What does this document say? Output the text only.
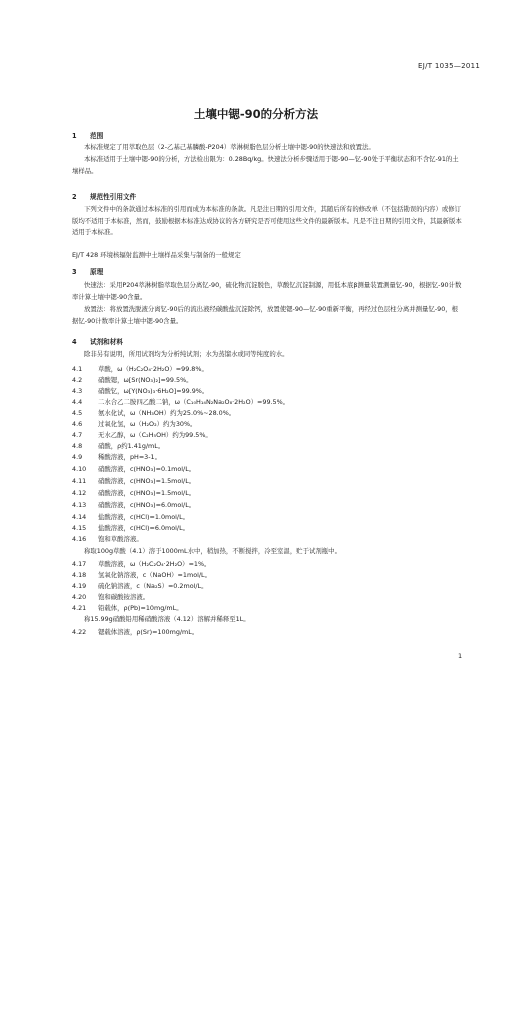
EJ/T 1035—2011
土壤中锶-90的分析方法
1 范围
本标准规定了用萃取色层（2-乙基己基膦酸-P204）萃淋树脂色层分析土壤中锶-90的快速法和放置法。
本标准适用于土壤中锶-90的分析，方法检出限为：0.28Bq/kg。快速法分析步骤适用于锶-90—钇-90处于平衡状态和不含钇-91的土壤样品。
2 规范性引用文件
下列文件中的条款通过本标准的引用而成为本标准的条款。凡是注日期的引用文件，其随后所有的修改单（不包括勘误的内容）或修订版均不适用于本标准，然而，鼓励根据本标准达成协议的各方研究是否可使用这些文件的最新版本。凡是不注日期的引用文件，其最新版本适用于本标准。
EJ/T 428 环境核辐射监测中土壤样品采集与制备的一般规定
3 原理
快速法：采用P204萃淋树脂萃取色层分离钇-90，硫化物沉淀脱色，草酸钇沉淀制源，用低本底β测量装置测量钇-90，根据钇-90计数率计算土壤中锶-90含量。
放置法：将放置洗脱液分离钇-90后的流出液经碳酸盐沉淀除钙，放置使锶-90—钇-90重新平衡，再经过色层柱分离并测量钇-90，根据钇-90计数率计算土壤中锶-90含量。
4 试剂和材料
除非另有说明，所用试剂均为分析纯试剂；水为蒸馏水或同等纯度的水。
4.1 草酸，ω（H₂C₂O₄·2H₂O）=99.8%。
4.2 硝酸锶，ω[Sr(NO₃)₂]=99.5%。
4.3 硝酸钇，ω[Y(NO₃)₃·6H₂O]=99.9%。
4.4 二水合乙二胺四乙酸二钠，ω（C₁₀H₁₄N₂Na₂O₈·2H₂O）=99.5%。
4.5 氨水化试，ω（NH₃OH）约为25.0%~28.0%。
4.6 过氧化氢，ω（H₂O₂）约为30%。
4.7 无水乙醇，ω（C₂H₅OH）约为99.5%。
4.8 硝酸，ρ约1.41g/mL。
4.9 稀酸溶液，pH=3-1。
4.10 硝酸溶液，c(HNO₃)=0.1mol/L。
4.11 硝酸溶液，c(HNO₃)=1.5mol/L。
4.12 硝酸溶液，c(HNO₃)=1.5mol/L。
4.13 硝酸溶液，c(HNO₃)=6.0mol/L。
4.14 盐酸溶液，c(HCl)=1.0mol/L。
4.15 盐酸溶液，c(HCl)=6.0mol/L。
4.16 饱和草酸溶液。
称取100g草酸（4.1）溶于1000mL水中，稍加热，不断搅拌，冷至室温，贮于试剂瓶中。
4.17 草酸溶液，ω（H₂C₂O₄·2H₂O）=1%。
4.18 氢氧化钠溶液，c（NaOH）=1mol/L。
4.19 硫化钠溶液，c（Na₂S）=0.2mol/L。
4.20 饱和碳酸铵溶液。
4.21 铅载体，ρ(Pb)=10mg/mL。
称15.99g硝酸铅用稀硝酸溶液（4.12）溶解并稀释至1L。
4.22 锶载体溶液，ρ(Sr)=100mg/mL。
1
